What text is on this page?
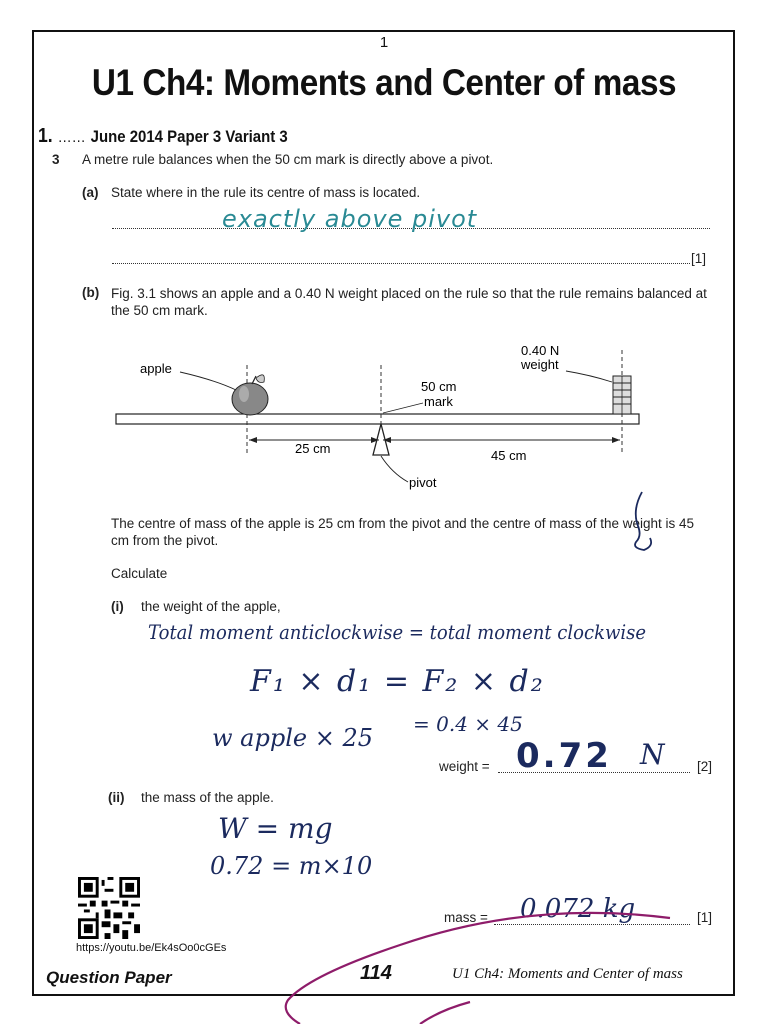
1
U1 Ch4: Moments and Center of mass
1. …… June 2014 Paper 3 Variant 3
3 A metre rule balances when the 50 cm mark is directly above a pivot.
(a) State where in the rule its centre of mass is located.
exactly above pivot
[1]
(b) Fig. 3.1 shows an apple and a 0.40 N weight placed on the rule so that the rule remains balanced at the 50 cm mark.
apple
0.40 N
weight
50 cm
mark
25 cm	45 cm
pivot
The centre of mass of the apple is 25 cm from the pivot and the centre of mass of the weight is 45 cm from the pivot.
Calculate
(i) the weight of the apple,
Total moment anticlockwise = total moment clockwise
F₁ × d₁ = F₂ × d₂
w apple × 25 = 0.4 × 45
weight = 0.72 N [2]
(ii) the mass of the apple.
W = mg
0.72 = m×10
mass = 0.072 kg	[1]
https://youtu.be/Ek4sOo0cGEs
Question Paper	114	U1 Ch4: Moments and Center of mass
